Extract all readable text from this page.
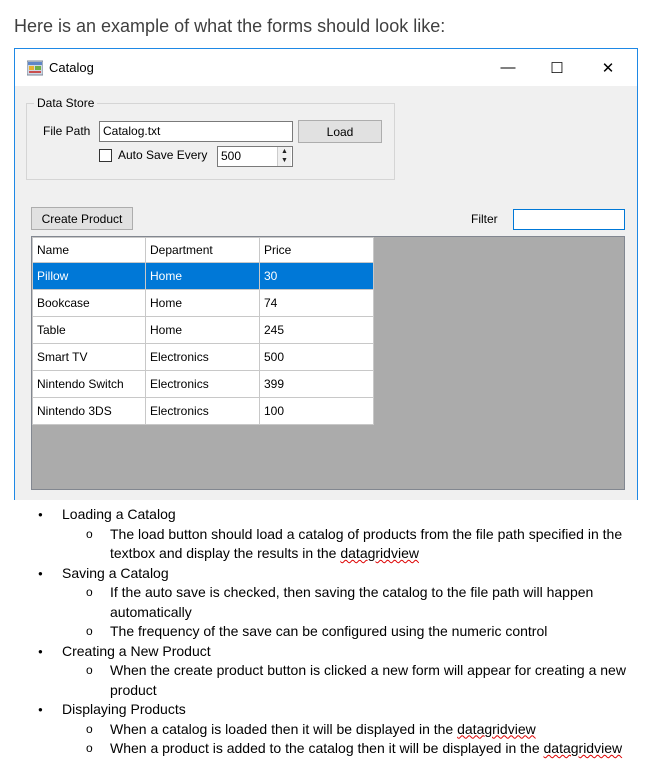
Here is an example of what the forms should look like:
Catalog	—	☐	✕
Data Store
File Path	Catalog.txt	Load
Auto Save Every	500	▲
▼
Create Product	Filter
Name	Department	Price
Pillow	Home	30
Bookcase	Home	74
Table	Home	245
Smart TV	Electronics	500
Nintendo Switch	Electronics	399
Nintendo 3DS	Electronics	100
● Loading a Catalog
o The load button should load a catalog of products from the file path specified in the textbox and display the results in the datagridview
● Saving a Catalog
o If the auto save is checked, then saving the catalog to the file path will happen automatically
o The frequency of the save can be configured using the numeric control
● Creating a New Product
o When the create product button is clicked a new form will appear for creating a new product
● Displaying Products
o When a catalog is loaded then it will be displayed in the datagridview
o When a product is added to the catalog then it will be displayed in the datagridview
